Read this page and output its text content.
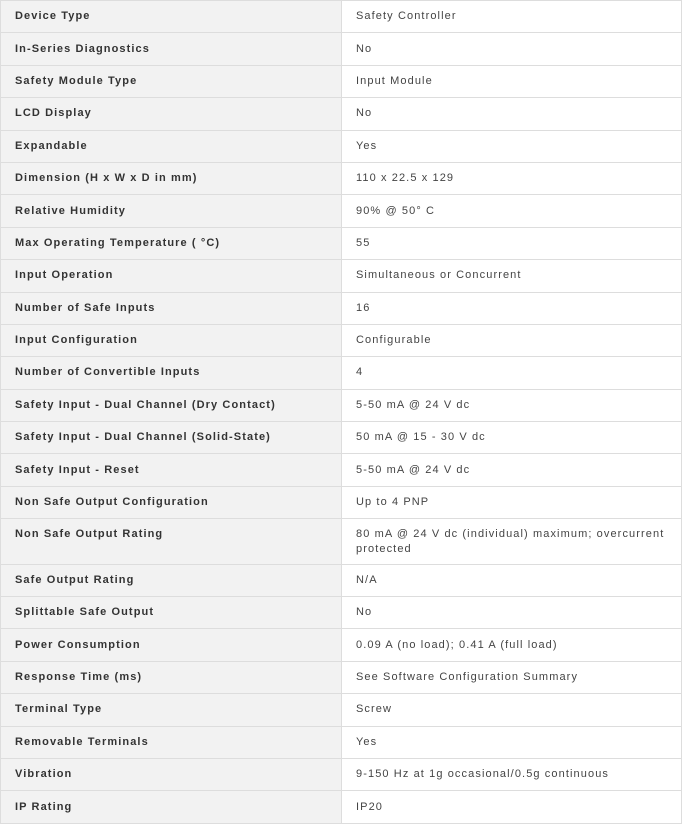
Device Type	Safety Controller
In-Series Diagnostics	No
Safety Module Type	Input Module
LCD Display	No
Expandable	Yes
Dimension (H x W x D in mm)	110 x 22.5 x 129
Relative Humidity	90% @ 50° C
Max Operating Temperature ( °C)	55
Input Operation	Simultaneous or Concurrent
Number of Safe Inputs	16
Input Configuration	Configurable
Number of Convertible Inputs	4
Safety Input - Dual Channel (Dry Contact)	5-50 mA @ 24 V dc
Safety Input - Dual Channel (Solid-State)	50 mA @ 15 - 30 V dc
Safety Input - Reset	5-50 mA @ 24 V dc
Non Safe Output Configuration	Up to 4 PNP
Non Safe Output Rating	80 mA @ 24 V dc (individual) maximum; overcurrent protected
Safe Output Rating	N/A
Splittable Safe Output	No
Power Consumption	0.09 A (no load); 0.41 A (full load)
Response Time (ms)	See Software Configuration Summary
Terminal Type	Screw
Removable Terminals	Yes
Vibration	9-150 Hz at 1g occasional/0.5g continuous
IP Rating	IP20
